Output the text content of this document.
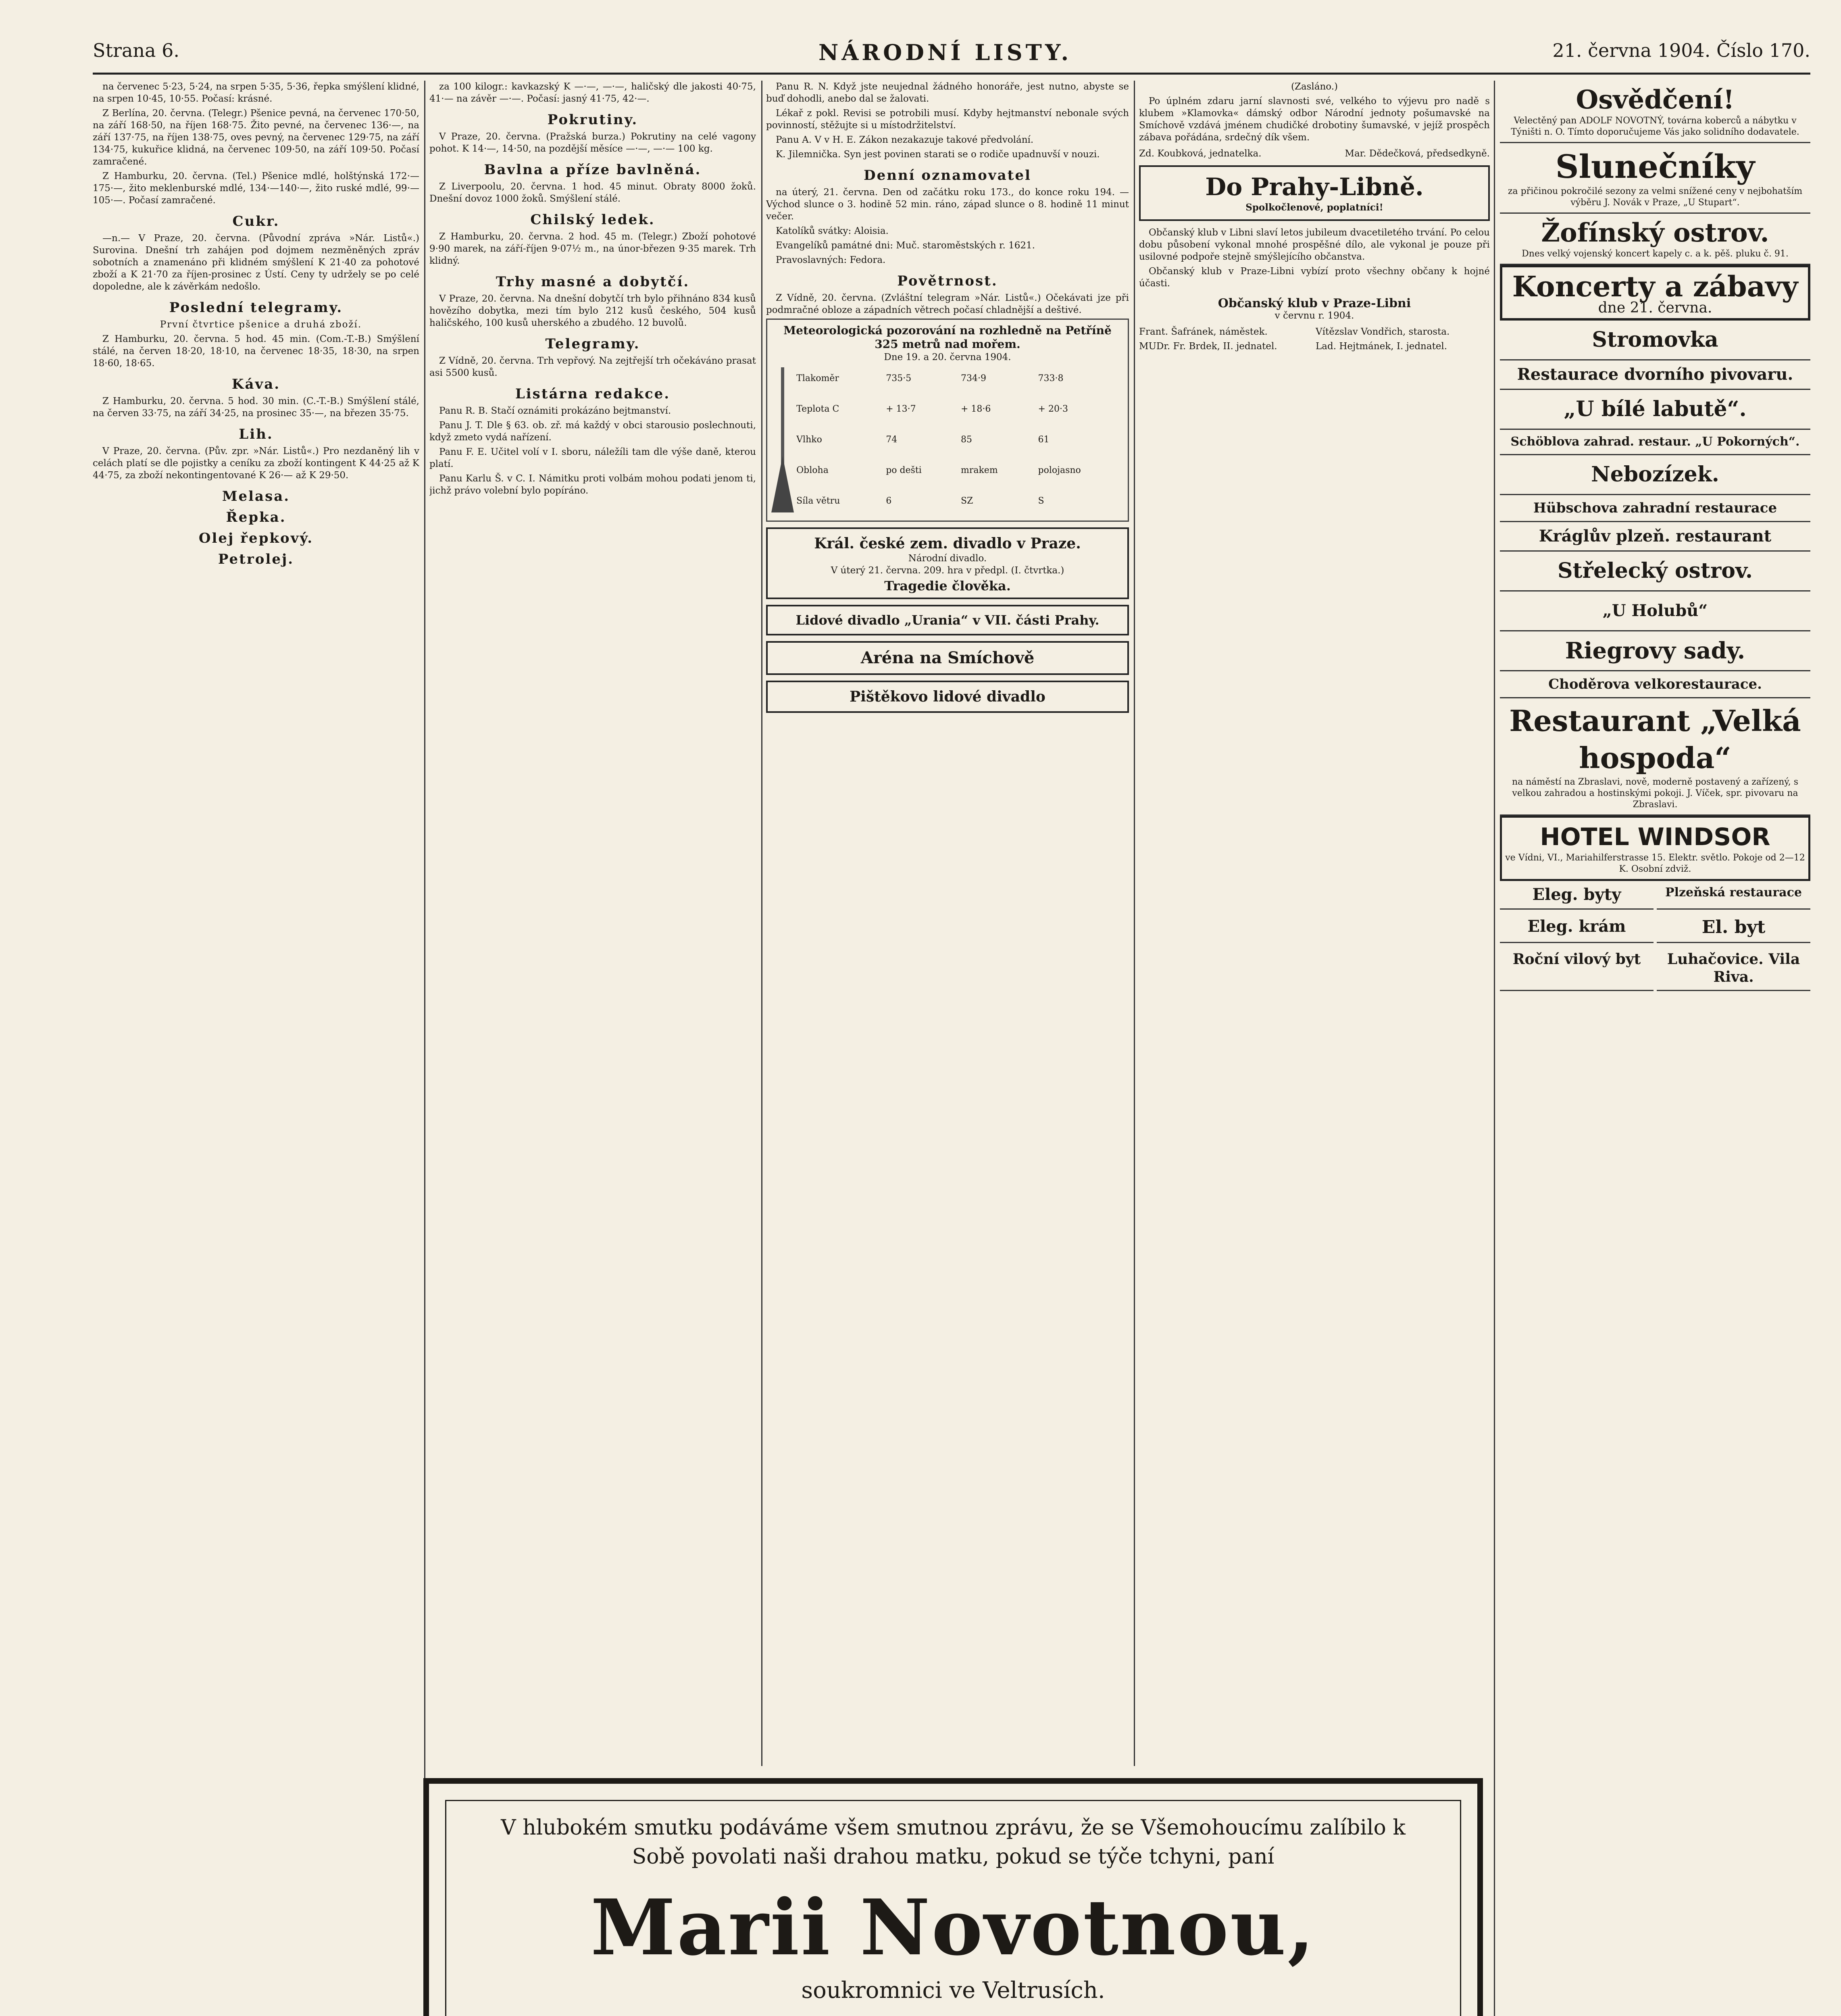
Strana 6.	NÁRODNÍ LISTY.	21. června 1904. Číslo 170.

na červenec 5·23, 5·24, na srpen 5·35, 5·36, řepka smýšlení klidné, na srpen 10·45, 10·55. Počasí: krásné.

Z Berlína, 20. června. (Telegr.) Pšenice pevná, na červenec 170·50, na září 168·50, na říjen 168·75. Žito pevné, na červenec 136·—, na září 137·75, na říjen 138·75, oves pevný, na červenec 129·75, na září 134·75, kukuřice klidná, na červenec 109·50, na září 109·50. Počasí zamračené.

Z Hamburku, 20. června. (Tel.) Pšenice mdlé, holštýnská 172·—175·—, žito meklenburské mdlé, 134·—140·—, žito ruské mdlé, 99·—105·—. Počasí zamračené.

Cukr.

—n.— V Praze, 20. června. (Původní zpráva »Nár. Listů«.) Surovina. Dnešní trh zahájen pod dojmem nezměněných zpráv sobotních a znamenáno při klidném smýšlení K 21·40 za pohotové zboží a K 21·70 za říjen-prosinec z Ústí. Ceny ty udržely se po celé dopoledne, ale k závěrkám nedošlo.

Poslední telegramy.

První čtvrtice pšenice a druhá zboží.

Z Hamburku, 20. června. 5 hod. 45 min. (Com.-T.-B.) Smýšlení stálé, na červen 18·20, 18·10, na červenec 18·35, 18·30, na srpen 18·60, 18·65.

Káva.

Z Hamburku, 20. června. 5 hod. 30 min. (C.-T.-B.) Smýšlení stálé, na červen 33·75, na září 34·25, na prosinec 35·—, na březen 35·75.

Lih.

V Praze, 20. června. (Pův. zpr. »Nár. Listů«.) Pro nezdaněný lih v celách platí se dle pojistky a ceníku za zboží kontingent K 44·25 až K 44·75, za zboží nekontingentované K 26·— až K 29·50.

Melasa.
Řepka.
Olej řepkový.
Petrolej.

za 100 kilogr.: kavkazský K —·—, —·—, haličský dle jakosti 40·75, 41·— na závěr —·—. Počasí: jasný 41·75, 42·—.

Pokrutiny.

V Praze, 20. června. (Pražská burza.) Pokrutiny na celé vagony pohot. K 14·—, 14·50, na pozdější měsíce —·—, —·— 100 kg.

Bavlna a příze bavlněná.

Z Liverpoolu, 20. června. 1 hod. 45 minut. Obraty 8000 žoků. Dnešní dovoz 1000 žoků. Smýšlení stálé.

Chilský ledek.

Z Hamburku, 20. června. 2 hod. 45 m. (Telegr.) Zboží pohotové 9·90 marek, na září-říjen 9·07½ m., na únor-březen 9·35 marek. Trh klidný.

Trhy masné a dobytčí.

V Praze, 20. června. Na dnešní dobytčí trh bylo přihnáno 834 kusů hovězího dobytka, mezi tím bylo 212 kusů českého, 504 kusů haličského, 100 kusů uherského a zbudého. 12 buvolů.

Telegramy.

Z Vídně, 20. června. Trh vepřový. Na zejtřejší trh očekáváno prasat asi 5500 kusů.

Listárna redakce.

Panu R. B. Stačí oznámiti prokázáno bejtmanství.

Panu J. T. Dle § 63. ob. zř. má každý v obci starousio poslechnouti, když zmeto vydá nařízení.

Panu F. E. Učitel volí v I. sboru, náležíli tam dle výše daně, kterou platí.

Panu Karlu Š. v C. I. Námitku proti volbám mohou podati jenom ti, jichž právo volební bylo popíráno.

Panu R. N. Když jste neujednal žádného honoráře, jest nutno, abyste se buď dohodli, anebo dal se žalovati.

Lékař z pokl. Revisi se potrobili musí. Kdyby hejtmanství nebonale svých povinností, stěžujte si u místodržitelství.

Panu A. V v H. E. Zákon nezakazuje takové předvolání.

K. Jilemnička. Syn jest povinen starati se o rodiče upadnuvší v nouzi.

Denní oznamovatel

na úterý, 21. června. Den od začátku roku 173., do konce roku 194. — Východ slunce o 3. hodině 52 min. ráno, západ slunce o 8. hodině 11 minut večer.

Katolíků svátky: Aloisia.

Evangelíků památné dni: Muč. staroměstských r. 1621.

Pravoslavných: Fedora.

Povětrnost.

Z Vídně, 20. června. (Zvláštní telegram »Nár. Listů«.) Očekávati jze při podmračné obloze a západních větrech počasí chladnější a deštivé.

Meteorologická pozorování na rozhledně na Petříně 325 metrů nad mořem.
Dne 19. a 20. června 1904.
Tlakoměr	735·5	734·9	733·8
Teplota C	+ 13·7	+ 18·6	+ 20·3
Vlhko	74	85	61
Obloha	po dešti	mrakem	polojasno
Síla větru	6	SZ	S
Král. české zem. divadlo v Praze.
Národní divadlo.
V úterý 21. června. 209. hra v předpl. (I. čtvrtka.)
Tragedie člověka.
Lidové divadlo „Urania“ v VII. části Prahy.
Aréna na Smíchově
Pištěkovo lidové divadlo

(Zasláno.)

Po úplném zdaru jarní slavnosti své, velkého to výjevu pro nadě s klubem »Klamovka« dámský odbor Národní jednoty pošumavské na Smíchově vzdává jménem chudičké drobotiny šumavské, v jejíž prospěch zábava pořádána, srdečný dík všem.

Zd. Koubková, jednatelka.	Mar. Dědečková, předsedkyně.
Do Prahy-Libně.
Spolkočlenové, poplatníci!

Občanský klub v Libni slaví letos jubileum dvacetiletého trvání. Po celou dobu působení vykonal mnohé prospěšné dílo, ale vykonal je pouze při usilovné podpoře stejně smýšlejícího občanstva.

Občanský klub v Praze-Libni vybízí proto všechny občany k hojné účasti.

Občanský klub v Praze-Libni
v červnu r. 1904.
Frant. Šafránek, náměstek.	Vítězslav Vondřich, starosta.
MUDr. Fr. Brdek, II. jednatel.	Lad. Hejtmánek, I. jednatel.
Osvědčení!
Velectěný pan ADOLF NOVOTNÝ, továrna koberců a nábytku v Týništi n. O. Tímto doporučujeme Vás jako solidního dodavatele.
Slunečníky
za přičinou pokročilé sezony za velmi snížené ceny v nejbohatším výběru J. Novák v Praze, „U Stupart“.
Žofínský ostrov.
Dnes velký vojenský koncert kapely c. a k. pěš. pluku č. 91.
Koncerty a zábavy
dne 21. června.
Stromovka
Restaurace dvorního pivovaru.
„U bílé labutě“.
Schöblova zahrad. restaur. „U Pokorných“.
Nebozízek.
Hübschova zahradní restaurace
Kráglův plzeň. restaurant
Střelecký ostrov.
„U Holubů“
Riegrovy sady.
Choděrova velkorestaurace.
Restaurant „Velká hospoda“
na náměstí na Zbraslavi, nově, moderně postavený a zařízený, s velkou zahradou a hostinskými pokoji. J. Víček, spr. pivovaru na Zbraslavi.
HOTEL WINDSOR
ve Vídni, VI., Mariahilferstrasse 15. Elektr. světlo. Pokoje od 2—12 K. Osobní zdviž.
Eleg. byty	Plzeňská restaurace
Eleg. krám	El. byt
Roční vilový byt	Luhačovice. Vila Riva.
V hlubokém smutku podáváme všem smutnou zprávu, že se Všemohoucímu zalíbilo k Sobě povolati naši drahou matku, pokud se týče tchyni, paní
Marii Novotnou,
soukromnici ve Veltrusích.
